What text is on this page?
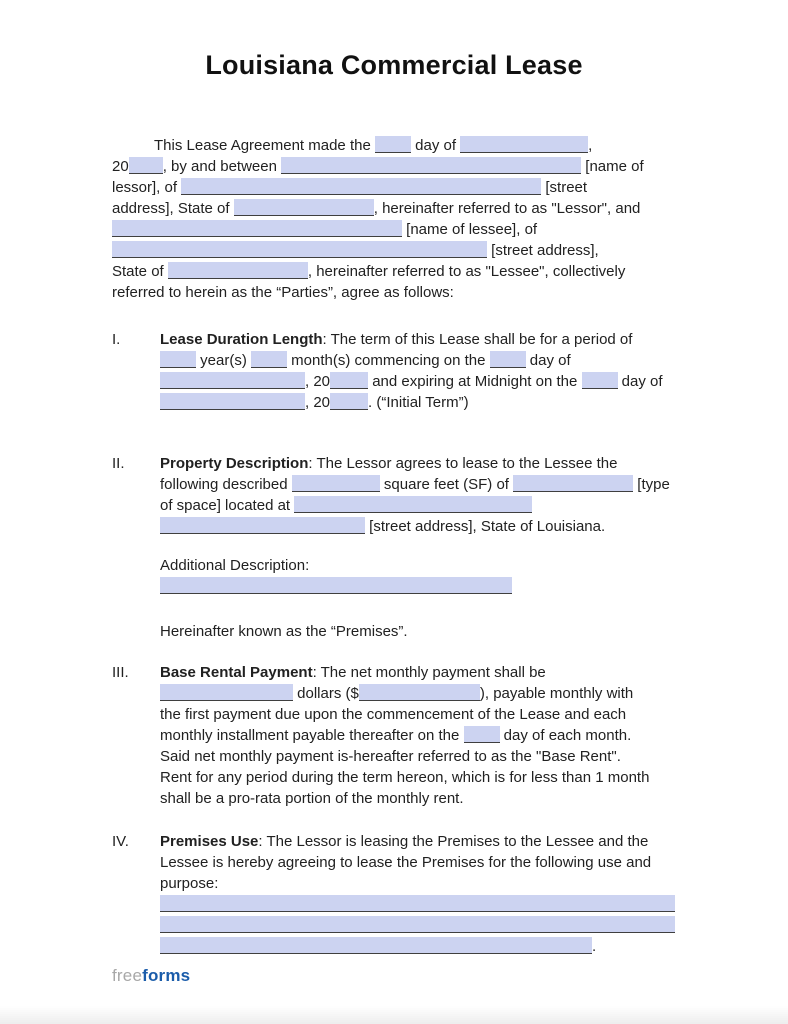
Louisiana Commercial Lease

This Lease Agreement made the  day of	,
20 , by and between	[name of
lessor], of	[street
address], State of	, hereinafter referred to as "Lessor", and
[name of lessee], of
[street address],
State of	, hereinafter referred to as "Lessee", collectively
referred to herein as the “Parties”, agree as follows:

I.	Lease Duration Length: The term of this Lease shall be for a period of
year(s)  month(s) commencing on the  day of
, 20	and expiring at Midnight on the  day of
, 20	. (“Initial Term”)
II. Property Description: The Lessor agrees to lease to the Lessee the
following described	square feet (SF) of	[type
of space] located at
[street address], State of Louisiana.
Additional Description:

Hereinafter known as the “Premises”.
III. Base Rental Payment: The net monthly payment shall be
dollars ($	), payable monthly with
the first payment due upon the commencement of the Lease and each
monthly installment payable thereafter on the  day of each month.
Said net monthly payment is-hereafter referred to as the "Base Rent".
Rent for any period during the term hereon, which is for less than 1 month
shall be a pro-rata portion of the monthly rent.
IV. Premises Use: The Lessor is leasing the Premises to the Lessee and the
Lessee is hereby agreeing to lease the Premises for the following use and
purpose:

.
freeforms
